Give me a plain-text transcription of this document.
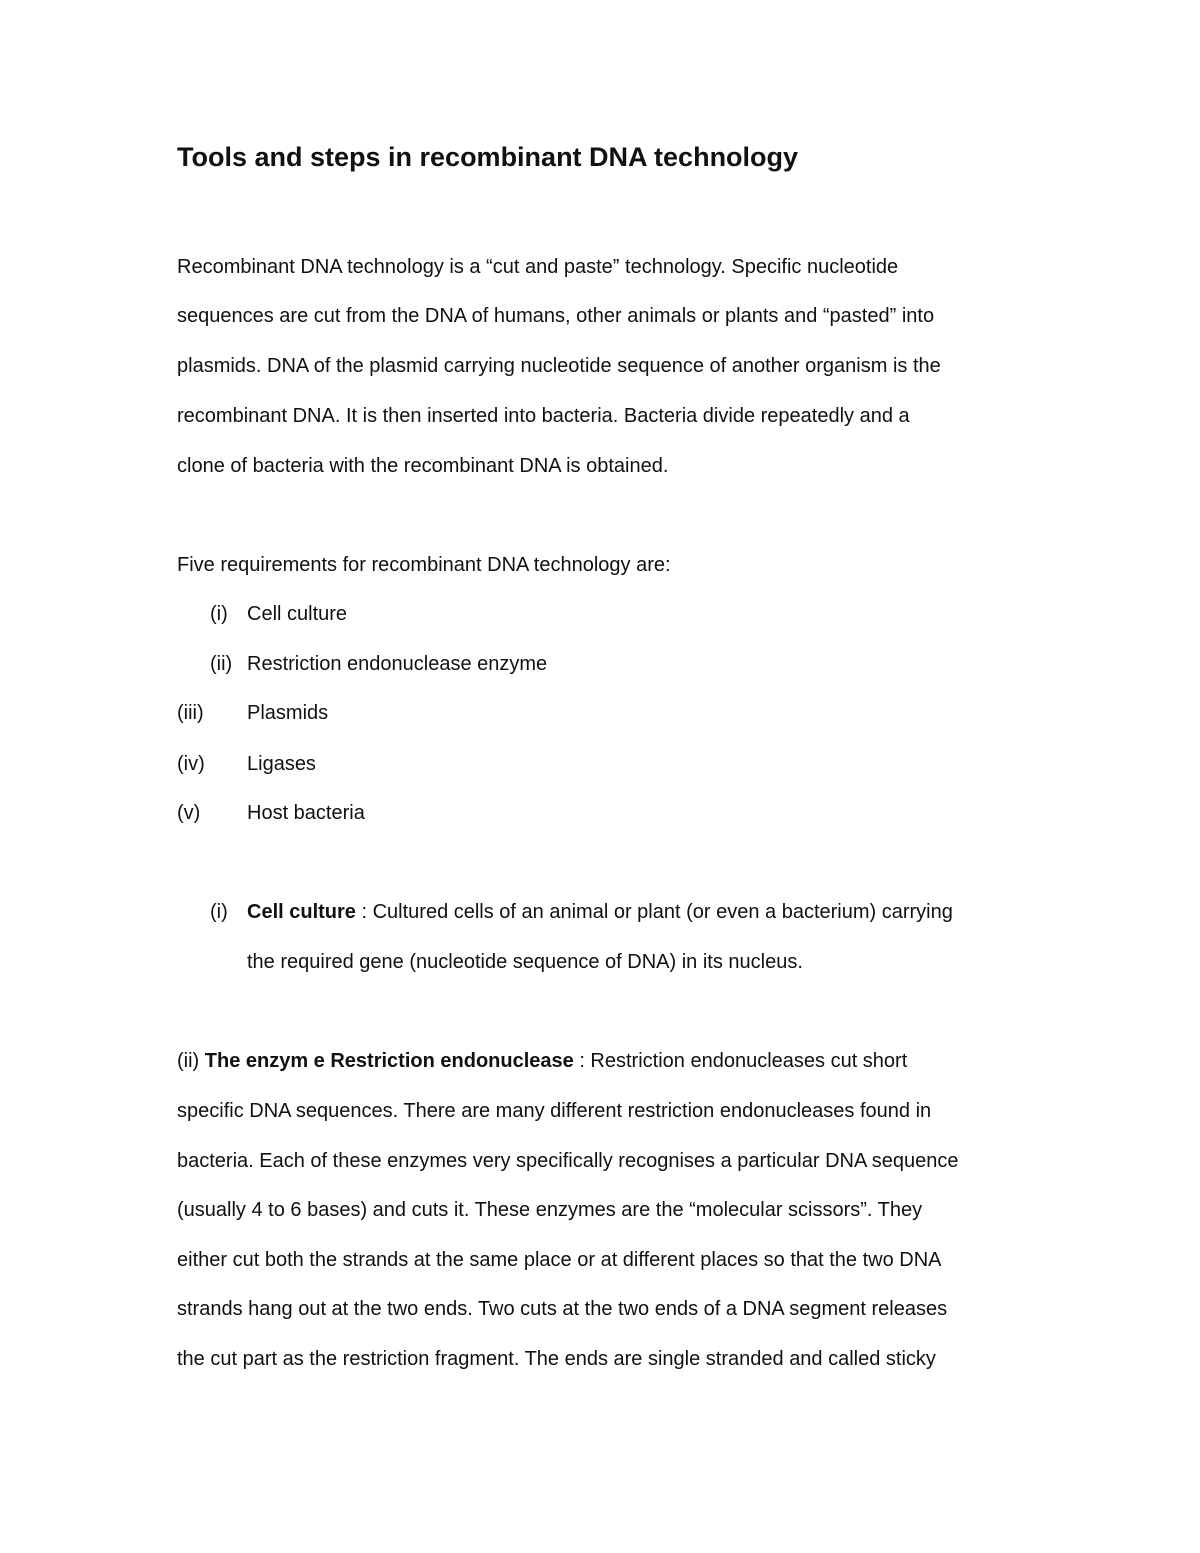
Tools and steps in recombinant DNA technology
Recombinant DNA technology is a “cut and paste” technology. Specific nucleotide
sequences are cut from the DNA of humans, other animals or plants and “pasted” into
plasmids. DNA of the plasmid carrying nucleotide sequence of another organism is the
recombinant DNA. It is then inserted into bacteria. Bacteria divide repeatedly and a
clone of bacteria with the recombinant DNA is obtained.
Five requirements for recombinant DNA technology are:
(i) Cell culture
(ii) Restriction endonuclease enzyme
(iii) Plasmids
(iv) Ligases
(v) Host bacteria
(i) Cell culture : Cultured cells of an animal or plant (or even a bacterium) carrying
the required gene (nucleotide sequence of DNA) in its nucleus.
(ii) The enzym e Restriction endonuclease : Restriction endonucleases cut short
specific DNA sequences. There are many different restriction endonucleases found in
bacteria. Each of these enzymes very specifically recognises a particular DNA sequence
(usually 4 to 6 bases) and cuts it. These enzymes are the “molecular scissors”. They
either cut both the strands at the same place or at different places so that the two DNA
strands hang out at the two ends. Two cuts at the two ends of a DNA segment releases
the cut part as the restriction fragment. The ends are single stranded and called sticky
